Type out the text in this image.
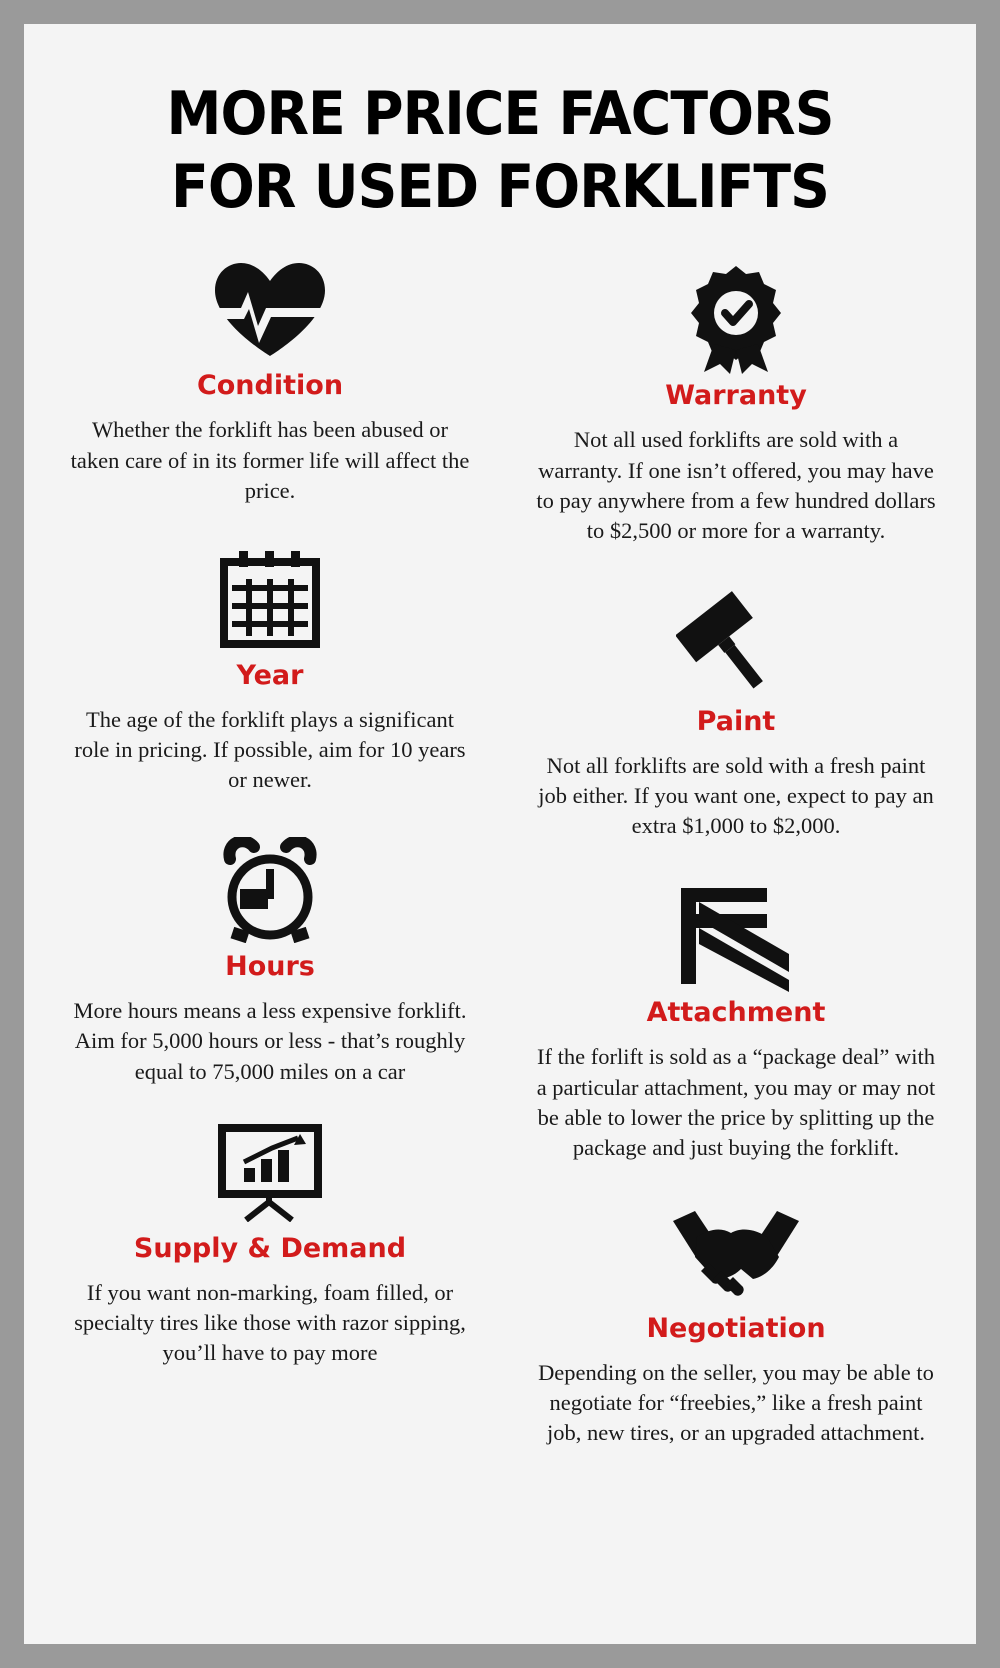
MORE PRICE FACTORS
FOR USED FORKLIFTS
Condition

Whether the forklift has been abused or taken care of in its former life will affect the price.

Year

The age of the forklift plays a significant role in pricing. If possible, aim for 10 years or newer.

Hours

More hours means a less expensive forklift. Aim for 5,000 hours or less - that’s roughly equal to 75,000 miles on a car

Supply & Demand

If you want non-marking, foam filled, or specialty tires like those with razor sipping, you’ll have to pay more

Warranty

Not all used forklifts are sold with a warranty. If one isn’t offered, you may have to pay anywhere from a few hundred dollars to $2,500 or more for a warranty.

Paint

Not all forklifts are sold with a fresh paint job either. If you want one, expect to pay an extra $1,000 to $2,000.

Attachment

If the forlift is sold as a “package deal” with a particular attachment, you may or may not be able to lower the price by splitting up the package and just buying the forklift.

Negotiation

Depending on the seller, you may be able to negotiate for “freebies,” like a fresh paint job, new tires, or an upgraded attachment.
